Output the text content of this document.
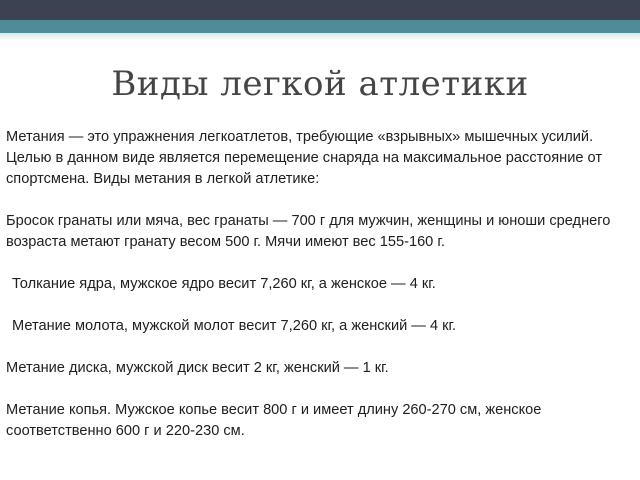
Виды легкой атлетики

Метания — это упражнения легкоатлетов, требующие «взрывных» мышечных усилий. Целью в данном виде является перемещение снаряда на максимальное расстояние от спортсмена. Виды метания в легкой атлетике:

Бросок гранаты или мяча, вес гранаты — 700 г для мужчин, женщины и юноши среднего возраста метают гранату весом 500 г. Мячи имеют вес 155-160 г.

Толкание ядра, мужское ядро весит 7,260 кг, а женское — 4 кг.

Метание молота, мужской молот весит 7,260 кг, а женский — 4 кг.

Метание диска, мужской диск весит 2 кг, женский — 1 кг.

Метание копья. Мужское копье весит 800 г и имеет длину 260-270 см, женское соответственно 600 г и 220-230 см.
